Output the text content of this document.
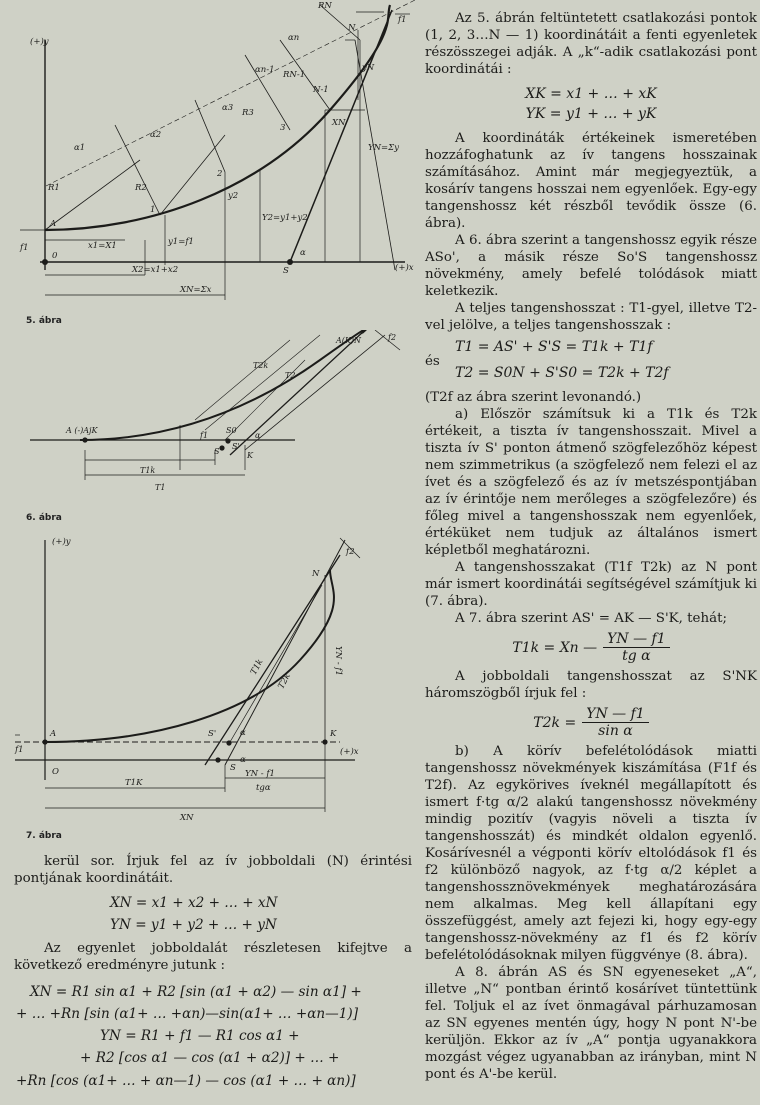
(+)y
(+)x
0
A
1
2
3
N-1
N
S
R1	R2
R3
RN-1
RN
α1
α2
α3
αn-1
αn
f1
f1
y1=f1
y2
yN
Y2=y1+y2
YN=Σy
XN
x1=X1
X2=x1+x2
XN=Σx
α
5. ábra
A (-)AjK
A(K)N
S0
S
S'
T1
T2
T2k
T1k
f1
f2
α
K
6. ábra
(+)y
(+)x
A
O
N
K
S
S'	α
α
f1
f2
T1k
T2k
YN - f1
T1K
XN
YN - f1
tgα
7. ábra

kerül sor. Írjuk fel az ív jobboldali (N) érintési pontjának koordinátáit.

XN = x1 + x2 + … + xN
YN = y1 + y2 + … + yN

Az egyenlet jobboldalát részletesen kifejtve a következő eredményre jutunk :

XN = R1 sin α1 + R2 [sin (α1 + α2) — sin α1] +
+ … +Rn [sin (α1+ … +αn)—sin(α1+ … +αn—1)]
YN = R1 + f1 — R1 cos α1 +
+ R2 [cos α1 — cos (α1 + α2)] + … +
+Rn [cos (α1+ … + αn—1) — cos (α1 + … + αn)]

Az 5. ábrán feltüntetett csatlakozási pontok (1, 2, 3…N — 1) koordinátáit a fenti egyenletek részösszegei adják. A „k“-adik csatlakozási pont koordinátái :

XK = x1 + … + xK

YK = y1 + … + yK

A koordináták értékeinek ismeretében hozzáfoghatunk az ív tangens hosszainak számításához. Amint már megjegyeztük, a kosárív tangens hosszai nem egyenlőek. Egy-egy tangenshossz két részből tevődik össze (6. ábra).

A 6. ábra szerint a tangenshossz egyik része ASo', a másik része So'S tangenshossz növekmény, amely befelé tolódások miatt keletkezik.

A teljes tangenshosszat : T1-gyel, illetve T2-vel jelölve, a teljes tangenshosszak :

és
T1 = AS' + S'S = T1k + T1f
T2 = S0N + S'S0 = T2k + T2f

(T2f az ábra szerint levonandó.)

a) Először számítsuk ki a T1k és T2k értékeit, a tiszta ív tangenshosszait. Mivel a tiszta ív S' ponton átmenő szögfelezőhöz képest nem szimmetrikus (a szögfelező nem felezi el az ívet és a szögfelező és az ív metszéspontjában az ív érintője nem merőleges a szögfelezőre) és főleg mivel a tangenshosszak nem egyenlőek, értéküket nem tudjuk az általános ismert képletből meghatározni.

A tangenshosszakat (T1f T2k) az N pont már ismert koordinátái segítségével számítjuk ki (7. ábra).

A 7. ábra szerint AS' = AK — S'K, tehát;

T1k = Xn — $\frac{YN — f1}{\text{tg α}}$

A jobboldali tangenshosszat az S'NK háromszögből írjuk fel :

$T2k = \frac{YN — f1}{\text{sin α}}$

b) A körív befelétolódások miatti tangenshossz növekmények kiszámítása (F1f és T2f). Az egykörives íveknél megállapított és ismert f·tg α/2 alakú tangenshossz növekmény mindig pozitív (vagyis növeli a tiszta ív tangenshosszát) és mindkét oldalon egyenlő. Kosárívesnél a végponti körív eltolódások f1 és f2 különböző nagyok, az f·tg α/2 képlet a tangenshossznövekmények meghatározására nem alkalmas. Meg kell állapítani egy összefüggést, amely azt fejezi ki, hogy egy-egy tangenshossz-növekmény az f1 és f2 körív befelétolódásoknak milyen függvénye (8. ábra).

A 8. ábrán AS és SN egyeneseket „A“, illetve „N“ pontban érintő kosárívet tüntettünk fel. Toljuk el az ívet önmagával párhuzamosan az SN egyenes mentén úgy, hogy N pont N'-be kerüljön. Ekkor az ív „A“ pontja ugyanakkora mozgást végez ugyanabban az irányban, mint N pont és A'-be kerül.
